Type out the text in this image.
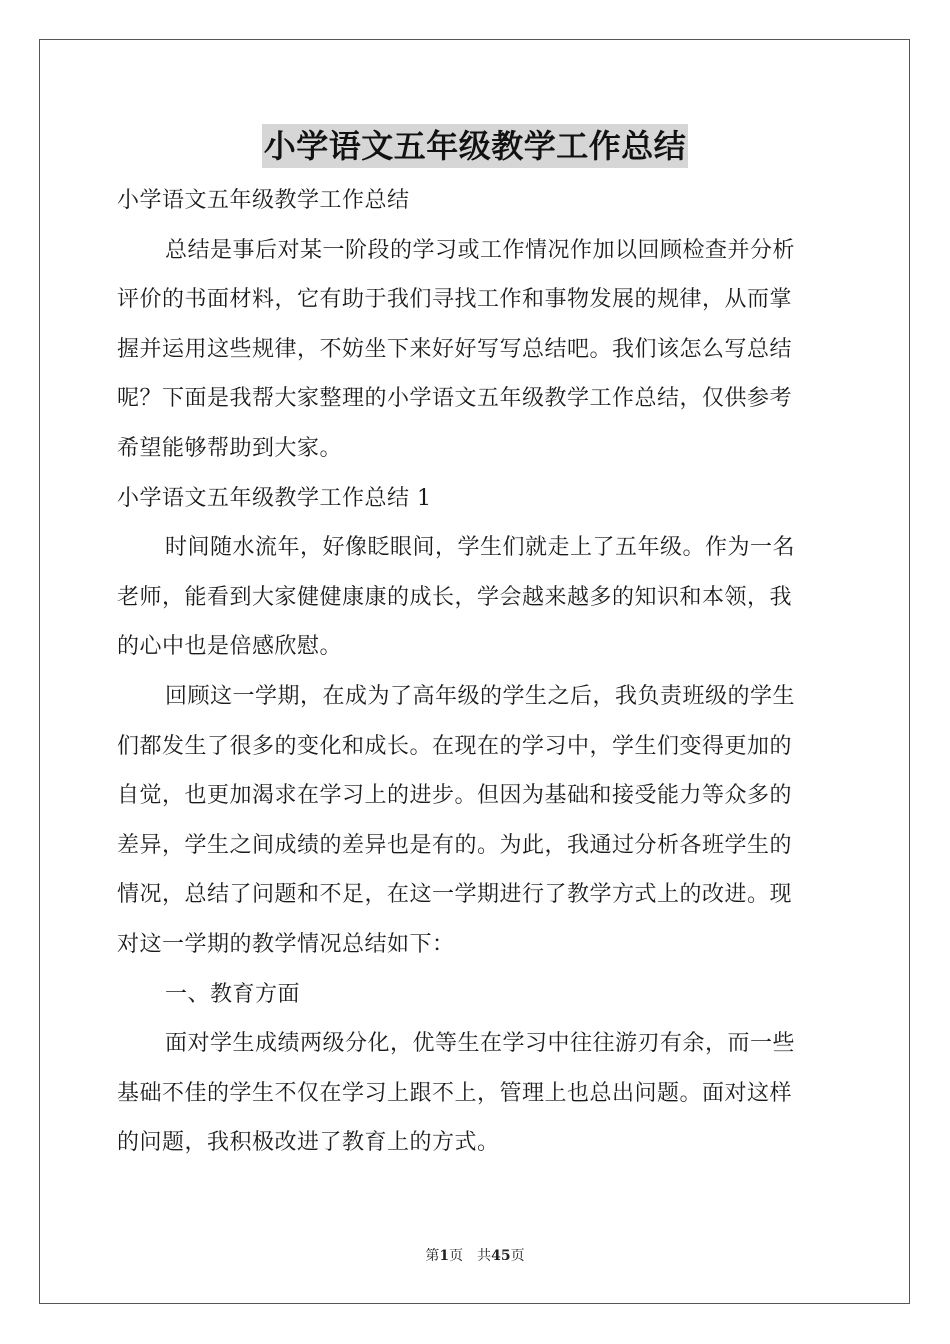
小学语文五年级教学工作总结
小学语文五年级教学工作总结
总结是事后对某一阶段的学习或工作情况作加以回顾检查并分析
评价的书面材料，它有助于我们寻找工作和事物发展的规律，从而掌
握并运用这些规律，不妨坐下来好好写写总结吧。我们该怎么写总结
呢？下面是我帮大家整理的小学语文五年级教学工作总结，仅供参考
希望能够帮助到大家。
小学语文五年级教学工作总结 1
时间随水流年，好像眨眼间，学生们就走上了五年级。作为一名
老师，能看到大家健健康康的成长，学会越来越多的知识和本领，我
的心中也是倍感欣慰。
回顾这一学期，在成为了高年级的学生之后，我负责班级的学生
们都发生了很多的变化和成长。在现在的学习中，学生们变得更加的
自觉，也更加渴求在学习上的进步。但因为基础和接受能力等众多的
差异，学生之间成绩的差异也是有的。为此，我通过分析各班学生的
情况，总结了问题和不足，在这一学期进行了教学方式上的改进。现
对这一学期的教学情况总结如下：
一、教育方面
面对学生成绩两级分化，优等生在学习中往往游刃有余，而一些
基础不佳的学生不仅在学习上跟不上，管理上也总出问题。面对这样
的问题，我积极改进了教育上的方式。
第1页 共45页
